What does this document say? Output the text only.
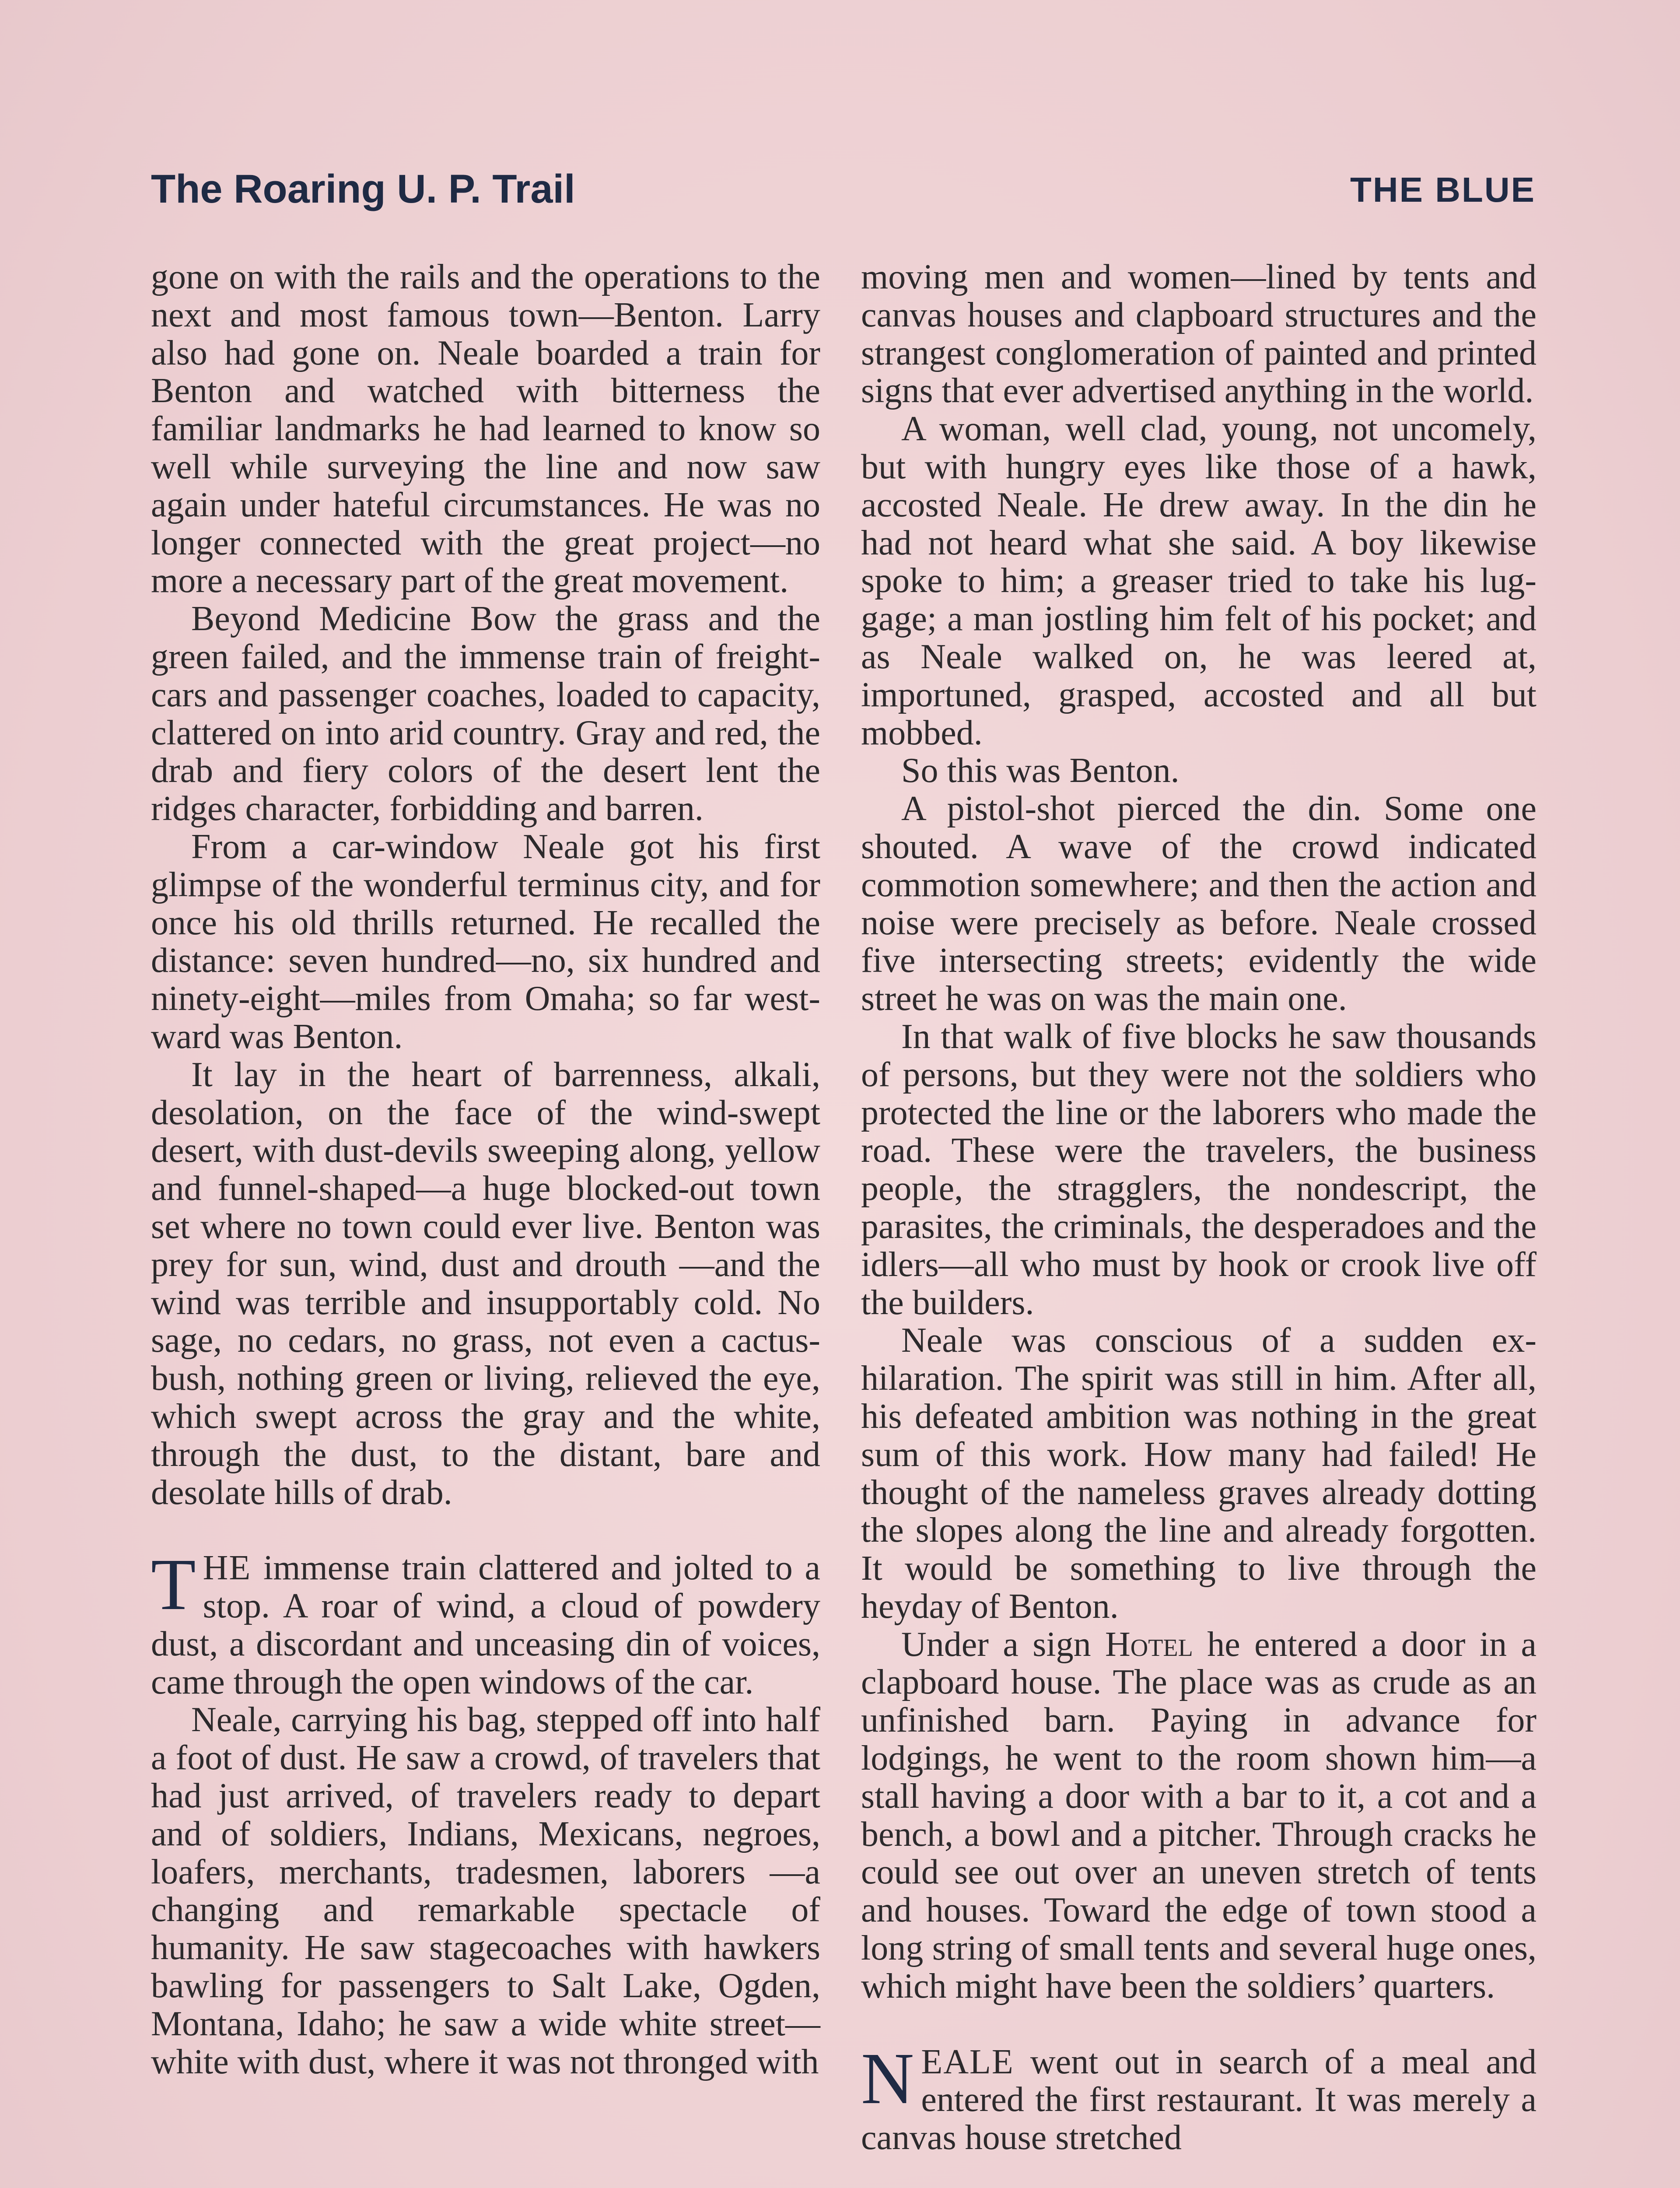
The Roaring U. P. Trail	THE BLUE

gone on with the rails and the operations to the next and most famous town—Benton. Larry also had gone on. Neale boarded a train for Benton and watched with bitterness the familiar landmarks he had learned to know so well while surveying the line and now saw again under hateful circumstances. He was no longer connected with the great project—no more a necessary part of the great movement.

Beyond Medicine Bow the grass and the green failed, and the immense train of freight-cars and passenger coaches, loaded to capacity, clattered on into arid country. Gray and red, the drab and fiery colors of the desert lent the ridges character, forbidding and barren.

From a car-window Neale got his first glimpse of the wonderful terminus city, and for once his old thrills returned. He recalled the distance: seven hundred—no, six hundred and ninety-eight—miles from Omaha; so far westward was Benton.

It lay in the heart of barrenness, alkali, desolation, on the face of the wind-swept desert, with dust-devils sweeping along, yellow and funnel-shaped—a huge blocked-out town set where no town could ever live. Benton was prey for sun, wind, dust and drouth —and the wind was terrible and insupportably cold. No sage, no cedars, no grass, not even a cactus-bush, nothing green or living, relieved the eye, which swept across the gray and the white, through the dust, to the distant, bare and desolate hills of drab.

THE immense train clattered and jolted to a stop. A roar of wind, a cloud of powdery dust, a discordant and unceasing din of voices, came through the open windows of the car.

Neale, carrying his bag, stepped off into half a foot of dust. He saw a crowd, of travelers that had just arrived, of travelers ready to depart and of soldiers, Indians, Mexicans, negroes, loafers, merchants, tradesmen, laborers —a changing and remarkable spectacle of humanity. He saw stagecoaches with hawkers bawling for passengers to Salt Lake, Ogden, Montana, Idaho; he saw a wide white street—white with dust, where it was not thronged with

moving men and women—lined by tents and canvas houses and clapboard structures and the strangest conglomeration of painted and printed signs that ever advertised anything in the world.

A woman, well clad, young, not uncomely, but with hungry eyes like those of a hawk, accosted Neale. He drew away. In the din he had not heard what she said. A boy likewise spoke to him; a greaser tried to take his luggage; a man jostling him felt of his pocket; and as Neale walked on, he was leered at, importuned, grasped, accosted and all but mobbed.

So this was Benton.

A pistol-shot pierced the din. Some one shouted. A wave of the crowd indicated commotion somewhere; and then the action and noise were precisely as before. Neale crossed five intersecting streets; evidently the wide street he was on was the main one.

In that walk of five blocks he saw thousands of persons, but they were not the soldiers who protected the line or the laborers who made the road. These were the travelers, the business people, the stragglers, the nondescript, the parasites, the criminals, the desperadoes and the idlers—all who must by hook or crook live off the builders.

Neale was conscious of a sudden exhilaration. The spirit was still in him. After all, his defeated ambition was nothing in the great sum of this work. How many had failed! He thought of the nameless graves already dotting the slopes along the line and already forgotten. It would be something to live through the heyday of Benton.

Under a sign Hotel he entered a door in a clapboard house. The place was as crude as an unfinished barn. Paying in advance for lodgings, he went to the room shown him—a stall having a door with a bar to it, a cot and a bench, a bowl and a pitcher. Through cracks he could see out over an uneven stretch of tents and houses. Toward the edge of town stood a long string of small tents and several huge ones, which might have been the soldiers’ quarters.

NEALE went out in search of a meal and entered the first restaurant. It was merely a canvas house stretched
